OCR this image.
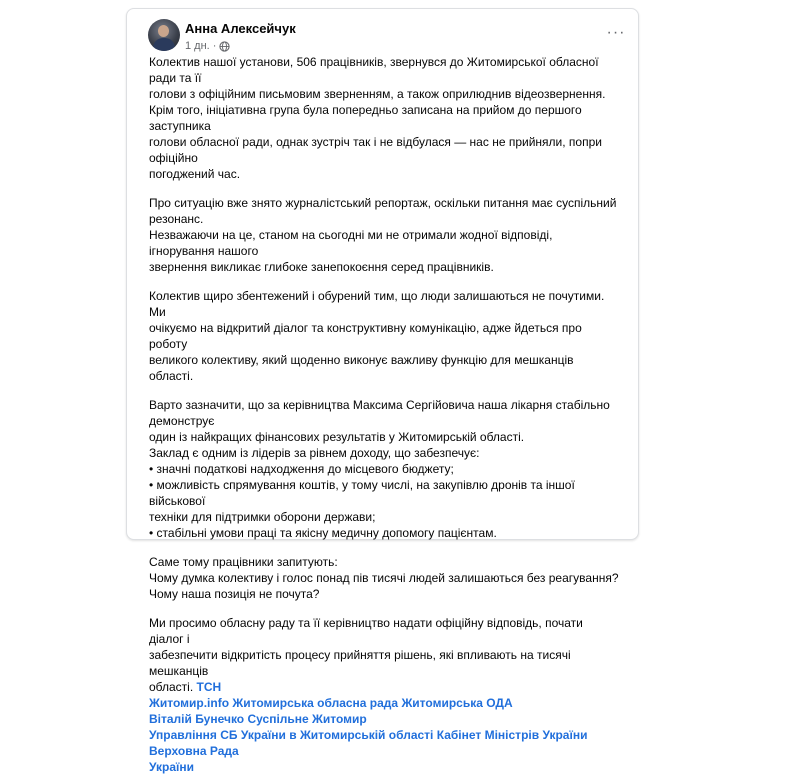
Анна Алексейчук
1 дн. ·
···

Колектив нашої установи, 506 працівників, звернувся до Житомирської обласної ради та її
голови з офіційним письмовим зверненням, а також оприлюднив відеозвернення.
Крім того, ініціативна група була попередньо записана на прийом до першого заступника
голови обласної ради, однак зустріч так і не відбулася — нас не прийняли, попри офіційно
погоджений час.

Про ситуацію вже знято журналістський репортаж, оскільки питання має суспільний
резонанс.
Незважаючи на це, станом на сьогодні ми не отримали жодної відповіді, ігнорування нашого
звернення викликає глибоке занепокоєння серед працівників.

Колектив щиро збентежений і обурений тим, що люди залишаються не почутими. Ми
очікуємо на відкритий діалог та конструктивну комунікацію, адже йдеться про роботу
великого колективу, який щоденно виконує важливу функцію для мешканців області.

Варто зазначити, що за керівництва Максима Сергійовича наша лікарня стабільно демонструє
один із найкращих фінансових результатів у Житомирській області.
Заклад є одним із лідерів за рівнем доходу, що забезпечує:
• значні податкові надходження до місцевого бюджету;
• можливість спрямування коштів, у тому числі, на закупівлю дронів та іншої військової
техніки для підтримки оборони держави;
• стабільні умови праці та якісну медичну допомогу пацієнтам.

Саме тому працівники запитують:
Чому думка колективу і голос понад пів тисячі людей залишаються без реагування?
Чому наша позиція не почута?

Ми просимо обласну раду та її керівництво надати офіційну відповідь, почати діалог і
забезпечити відкритість процесу прийняття рішень, які впливають на тисячі мешканців
області. ТСН
Житомир.info Житомирська обласна рада Житомирська ОДА
Віталій Бунечко Суспільне Житомир
Управління СБ України в Житомирській області Кабінет Міністрів України Верховна Рада
України
